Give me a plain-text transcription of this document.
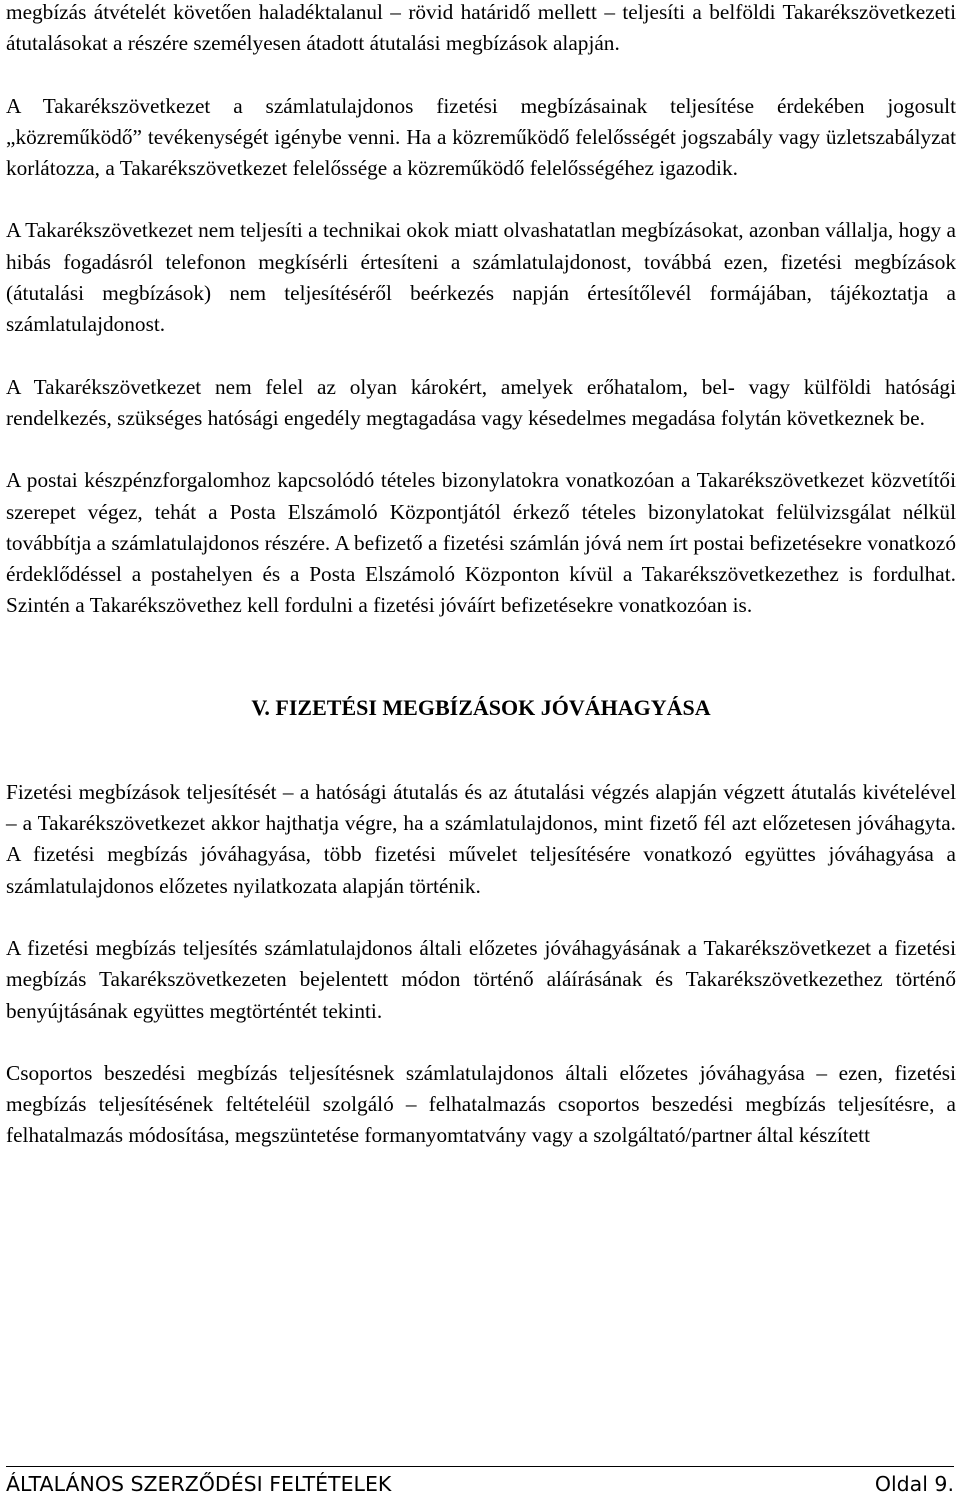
megbízás átvételét követően haladéktalanul – rövid határidő mellett – teljesíti a belföldi Takarékszövetkezeti átutalásokat a részére személyesen átadott átutalási megbízások alapján.

A Takarékszövetkezet a számlatulajdonos fizetési megbízásainak teljesítése érdekében jogosult „közreműködő” tevékenységét igénybe venni. Ha a közreműködő felelősségét jogszabály vagy üzletszabályzat korlátozza, a Takarékszövetkezet felelőssége a közreműködő felelősségéhez igazodik.

A Takarékszövetkezet nem teljesíti a technikai okok miatt olvashatatlan megbízásokat, azonban vállalja, hogy a hibás fogadásról telefonon megkísérli értesíteni a számlatulajdonost, továbbá ezen, fizetési megbízások (átutalási megbízások) nem teljesítéséről beérkezés napján értesítőlevél formájában, tájékoztatja a számlatulajdonost.

A Takarékszövetkezet nem felel az olyan károkért, amelyek erőhatalom, bel- vagy külföldi hatósági rendelkezés, szükséges hatósági engedély megtagadása vagy késedelmes megadása folytán következnek be.

A postai készpénzforgalomhoz kapcsolódó tételes bizonylatokra vonatkozóan a Takarékszövetkezet közvetítői szerepet végez, tehát a Posta Elszámoló Központjától érkező tételes bizonylatokat felülvizsgálat nélkül továbbítja a számlatulajdonos részére. A befizető a fizetési számlán jóvá nem írt postai befizetésekre vonatkozó érdeklődéssel a postahelyen és a Posta Elszámoló Központon kívül a Takarékszövetkezethez is fordulhat. Szintén a Takarékszövethez kell fordulni a fizetési jóváírt befizetésekre vonatkozóan is.

V. FIZETÉSI MEGBÍZÁSOK JÓVÁHAGYÁSA

Fizetési megbízások teljesítését – a hatósági átutalás és az átutalási végzés alapján végzett átutalás kivételével – a Takarékszövetkezet akkor hajthatja végre, ha a számlatulajdonos, mint fizető fél azt előzetesen jóváhagyta. A fizetési megbízás jóváhagyása, több fizetési művelet teljesítésére vonatkozó együttes jóváhagyása a számlatulajdonos előzetes nyilatkozata alapján történik.

A fizetési megbízás teljesítés számlatulajdonos általi előzetes jóváhagyásának a Takarékszövetkezet a fizetési megbízás Takarékszövetkezeten bejelentett módon történő aláírásának és Takarékszövetkezethez történő benyújtásának együttes megtörténtét tekinti.

Csoportos beszedési megbízás teljesítésnek számlatulajdonos általi előzetes jóváhagyása – ezen, fizetési megbízás teljesítésének feltételéül szolgáló – felhatalmazás csoportos beszedési megbízás teljesítésre, a felhatalmazás módosítása, megszüntetése formanyomtatvány vagy a szolgáltató/partner által készített

ÁLTALÁNOS SZERZŐDÉSI FELTÉTELEK	Oldal 9.
